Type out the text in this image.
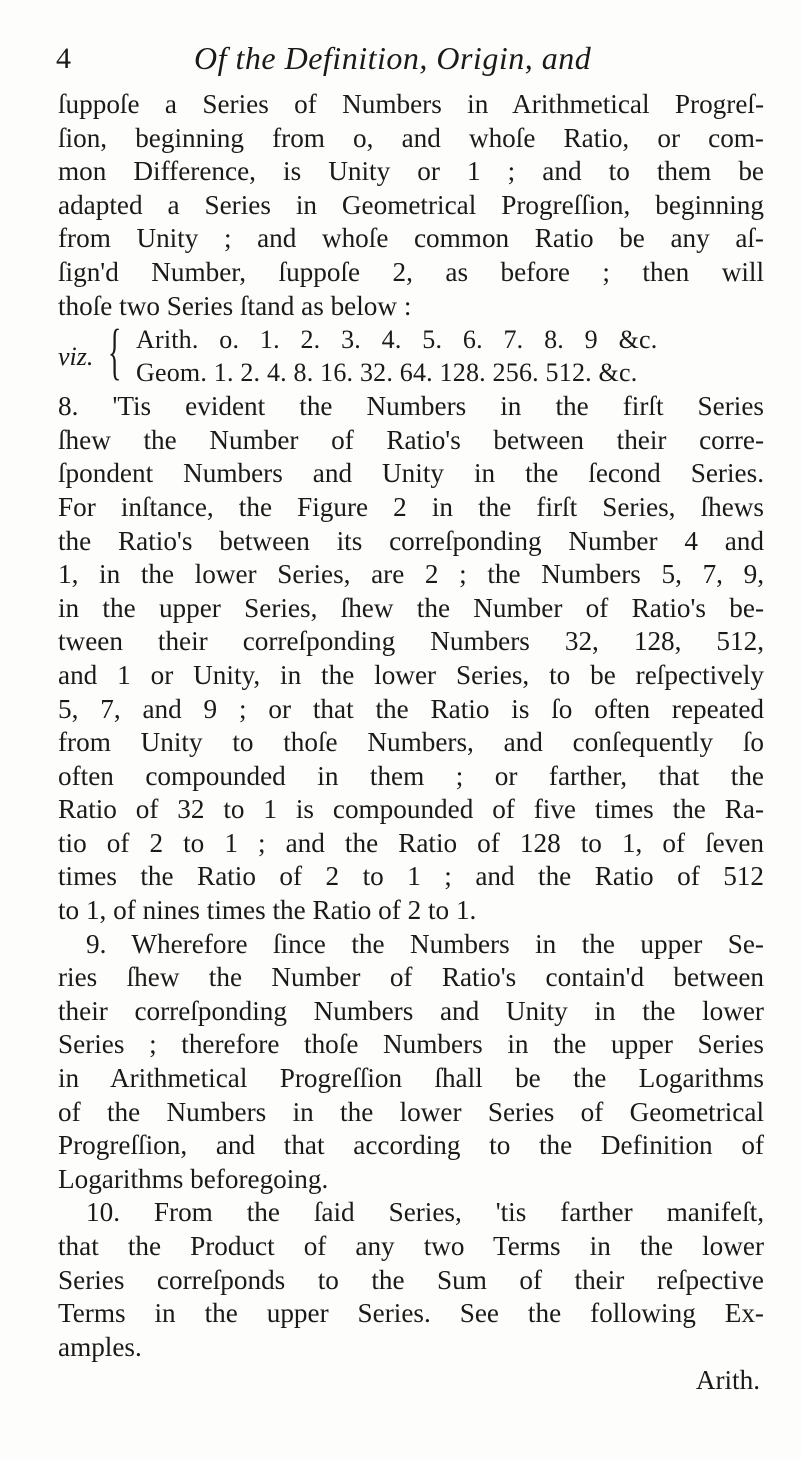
4	Of the Definition, Origin, and
ſuppoſe a Series of Numbers in Arithmetical Progreſ-
ſion, beginning from o, and whoſe Ratio, or com-
mon Difference, is Unity or 1 ; and to them be
adapted a Series in Geometrical Progreſſion, beginning
from Unity ; and whoſe common Ratio be any aſ-
ſign'd Number, ſuppoſe 2, as before ; then will
thoſe two Series ſtand as below :
viz. { Arith. o. 1. 2. 3. 4. 5. 6. 7. 8. 9 &c.
Geom. 1. 2. 4. 8. 16. 32. 64. 128. 256. 512. &c.
8. 'Tis evident the Numbers in the firſt Series
ſhew the Number of Ratio's between their corre-
ſpondent Numbers and Unity in the ſecond Series.
For inſtance, the Figure 2 in the firſt Series, ſhews
the Ratio's between its correſponding Number 4 and
1, in the lower Series, are 2 ; the Numbers 5, 7, 9,
in the upper Series, ſhew the Number of Ratio's be-
tween their correſponding Numbers 32, 128, 512,
and 1 or Unity, in the lower Series, to be reſpectively
5, 7, and 9 ; or that the Ratio is ſo often repeated
from Unity to thoſe Numbers, and conſequently ſo
often compounded in them ; or farther, that the
Ratio of 32 to 1 is compounded of five times the Ra-
tio of 2 to 1 ; and the Ratio of 128 to 1, of ſeven
times the Ratio of 2 to 1 ; and the Ratio of 512
to 1, of nines times the Ratio of 2 to 1.
9. Wherefore ſince the Numbers in the upper Se-
ries ſhew the Number of Ratio's contain'd between
their correſponding Numbers and Unity in the lower
Series ; therefore thoſe Numbers in the upper Series
in Arithmetical Progreſſion ſhall be the Logarithms
of the Numbers in the lower Series of Geometrical
Progreſſion, and that according to the Definition of
Logarithms beforegoing.
10. From the ſaid Series, 'tis farther manifeſt,
that the Product of any two Terms in the lower
Series correſponds to the Sum of their reſpective
Terms in the upper Series. See the following Ex-
amples.
Arith.
